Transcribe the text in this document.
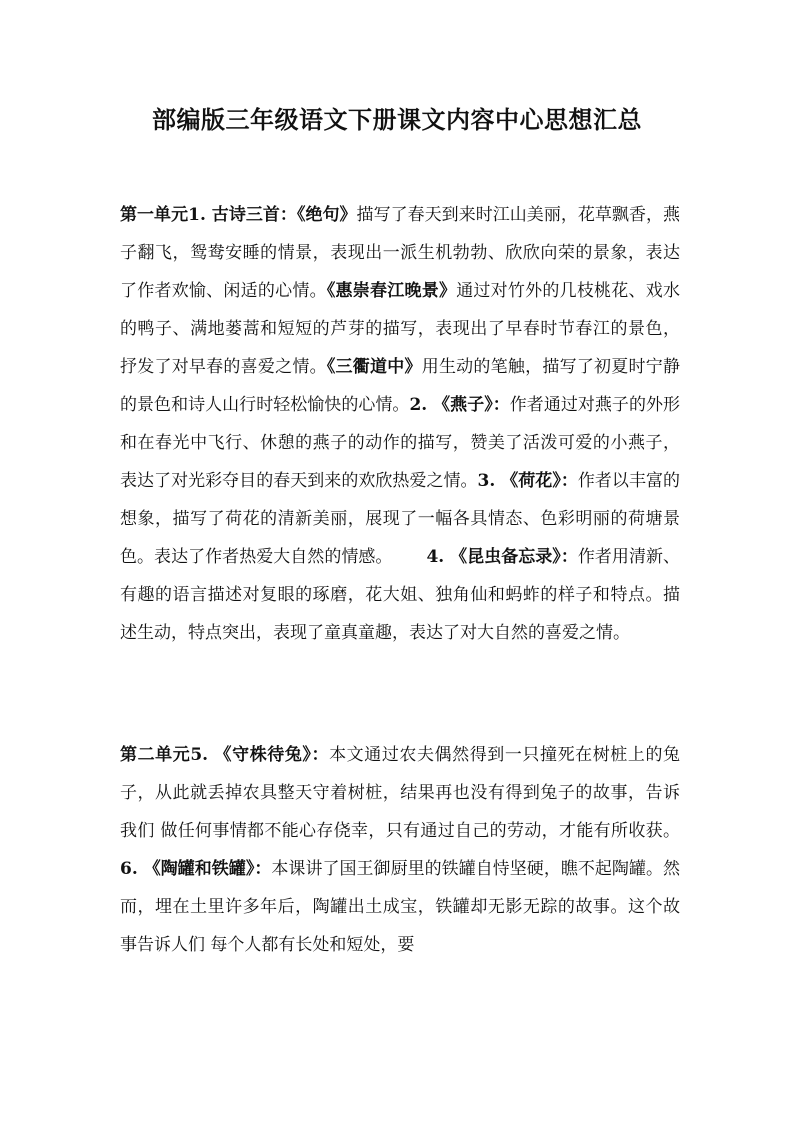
部编版三年级语文下册课文内容中心思想汇总

第一单元1. 古诗三首：《绝句》描写了春天到来时江山美丽，花草飘香，燕子翻飞，鸳鸯安睡的情景，表现出一派生机勃勃、欣欣向荣的景象，表达了作者欢愉、闲适的心情。《惠崇春江晚景》通过对竹外的几枝桃花、戏水的鸭子、满地蒌蒿和短短的芦芽的描写，表现出了早春时节春江的景色，抒发了对早春的喜爱之情。《三衢道中》用生动的笔触，描写了初夏时宁静的景色和诗人山行时轻松愉快的心情。2. 《燕子》：作者通过对燕子的外形和在春光中飞行、休憩的燕子的动作的描写，赞美了活泼可爱的小燕子，表达了对光彩夺目的春天到来的欢欣热爱之情。3. 《荷花》：作者以丰富的想象，描写了荷花的清新美丽，展现了一幅各具情态、色彩明丽的荷塘景色。表达了作者热爱大自然的情感。 4. 《昆虫备忘录》：作者用清新、有趣的语言描述对复眼的琢磨，花大姐、独角仙和蚂蚱的样子和特点。描述生动，特点突出，表现了童真童趣，表达了对大自然的喜爱之情。

第二单元5. 《守株待兔》：本文通过农夫偶然得到一只撞死在树桩上的兔子，从此就丢掉农具整天守着树桩，结果再也没有得到兔子的故事，告诉我们 做任何事情都不能心存侥幸，只有通过自己的劳动，才能有所收获。6. 《陶罐和铁罐》：本课讲了国王御厨里的铁罐自恃坚硬，瞧不起陶罐。然而，埋在土里许多年后，陶罐出土成宝，铁罐却无影无踪的故事。这个故事告诉人们 每个人都有长处和短处，要
